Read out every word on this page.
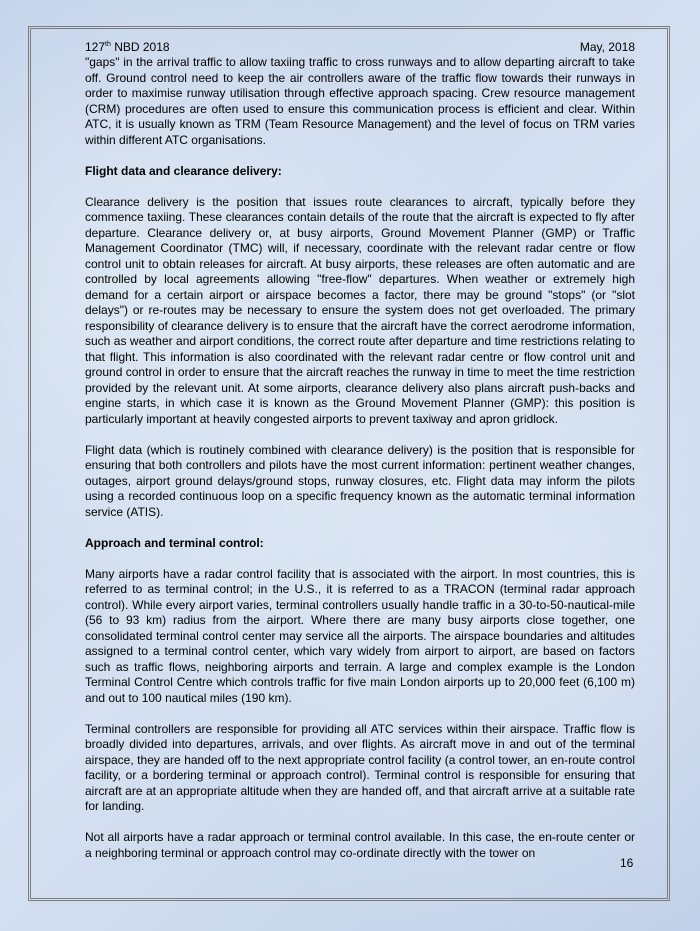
127th NBD 2018	May, 2018

"gaps" in the arrival traffic to allow taxiing traffic to cross runways and to allow departing aircraft to take off. Ground control need to keep the air controllers aware of the traffic flow towards their runways in order to maximise runway utilisation through effective approach spacing. Crew resource management (CRM) procedures are often used to ensure this communication process is efficient and clear. Within ATC, it is usually known as TRM (Team Resource Management) and the level of focus on TRM varies within different ATC organisations.

Flight data and clearance delivery:

Clearance delivery is the position that issues route clearances to aircraft, typically before they commence taxiing. These clearances contain details of the route that the aircraft is expected to fly after departure. Clearance delivery or, at busy airports, Ground Movement Planner (GMP) or Traffic Management Coordinator (TMC) will, if necessary, coordinate with the relevant radar centre or flow control unit to obtain releases for aircraft. At busy airports, these releases are often automatic and are controlled by local agreements allowing "free-flow" departures. When weather or extremely high demand for a certain airport or airspace becomes a factor, there may be ground "stops" (or "slot delays") or re-routes may be necessary to ensure the system does not get overloaded. The primary responsibility of clearance delivery is to ensure that the aircraft have the correct aerodrome information, such as weather and airport conditions, the correct route after departure and time restrictions relating to that flight. This information is also coordinated with the relevant radar centre or flow control unit and ground control in order to ensure that the aircraft reaches the runway in time to meet the time restriction provided by the relevant unit. At some airports, clearance delivery also plans aircraft push-backs and engine starts, in which case it is known as the Ground Movement Planner (GMP): this position is particularly important at heavily congested airports to prevent taxiway and apron gridlock.

Flight data (which is routinely combined with clearance delivery) is the position that is responsible for ensuring that both controllers and pilots have the most current information: pertinent weather changes, outages, airport ground delays/ground stops, runway closures, etc. Flight data may inform the pilots using a recorded continuous loop on a specific frequency known as the automatic terminal information service (ATIS).

Approach and terminal control:

Many airports have a radar control facility that is associated with the airport. In most countries, this is referred to as terminal control; in the U.S., it is referred to as a TRACON (terminal radar approach control). While every airport varies, terminal controllers usually handle traffic in a 30-to-50-nautical-mile (56 to 93 km) radius from the airport. Where there are many busy airports close together, one consolidated terminal control center may service all the airports. The airspace boundaries and altitudes assigned to a terminal control center, which vary widely from airport to airport, are based on factors such as traffic flows, neighboring airports and terrain. A large and complex example is the London Terminal Control Centre which controls traffic for five main London airports up to 20,000 feet (6,100 m) and out to 100 nautical miles (190 km).

Terminal controllers are responsible for providing all ATC services within their airspace. Traffic flow is broadly divided into departures, arrivals, and over flights. As aircraft move in and out of the terminal airspace, they are handed off to the next appropriate control facility (a control tower, an en-route control facility, or a bordering terminal or approach control). Terminal control is responsible for ensuring that aircraft are at an appropriate altitude when they are handed off, and that aircraft arrive at a suitable rate for landing.

Not all airports have a radar approach or terminal control available. In this case, the en-route center or a neighboring terminal or approach control may co-ordinate directly with the tower on

16
